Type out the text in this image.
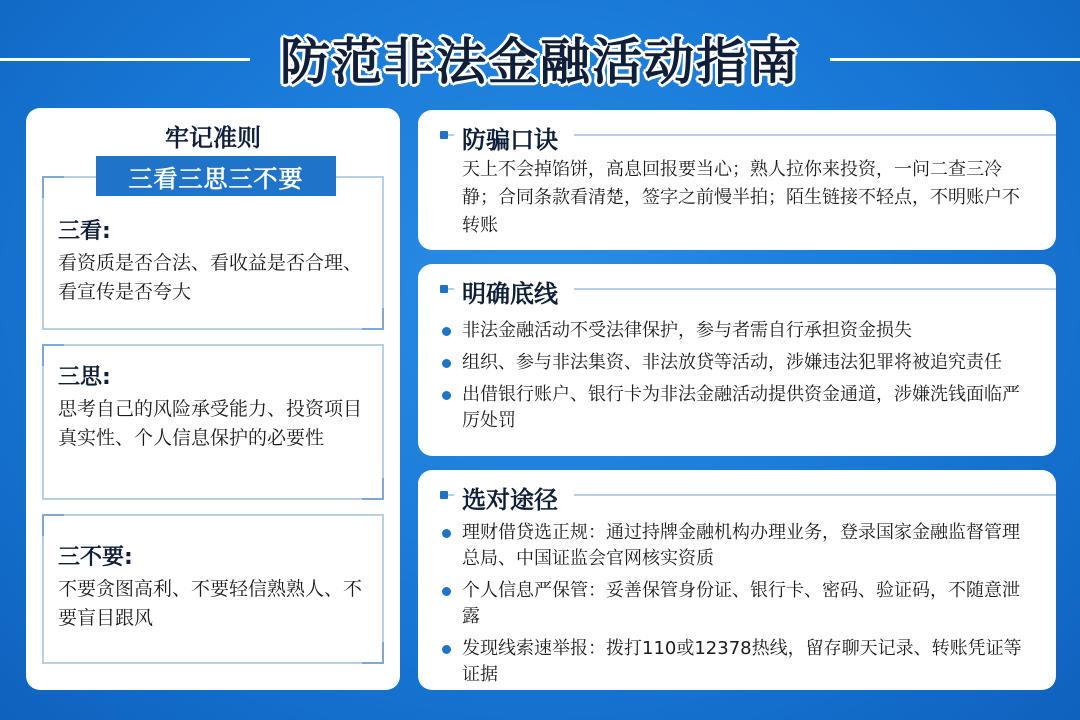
防范非法金融活动指南
牢记准则
三看:
看资质是否合法、看收益是否合理、看宣传是否夸大
三看三思三不要
三思:
思考自己的风险承受能力、投资项目真实性、个人信息保护的必要性
三不要:
不要贪图高利、不要轻信熟熟人、不要盲目跟风
防骗口诀
天上不会掉馅饼，高息回报要当心；熟人拉你来投资，一问二查三冷静；合同条款看清楚，签字之前慢半拍；陌生链接不轻点，不明账户不转账
明确底线
非法金融活动不受法律保护，参与者需自行承担资金损失
组织、参与非法集资、非法放贷等活动，涉嫌违法犯罪将被追究责任
出借银行账户、银行卡为非法金融活动提供资金通道，涉嫌洗钱面临严厉处罚
选对途径
理财借贷选正规：通过持牌金融机构办理业务，登录国家金融监督管理总局、中国证监会官网核实资质
个人信息严保管：妥善保管身份证、银行卡、密码、验证码，不随意泄露
发现线索速举报：拨打110或12378热线，留存聊天记录、转账凭证等证据
